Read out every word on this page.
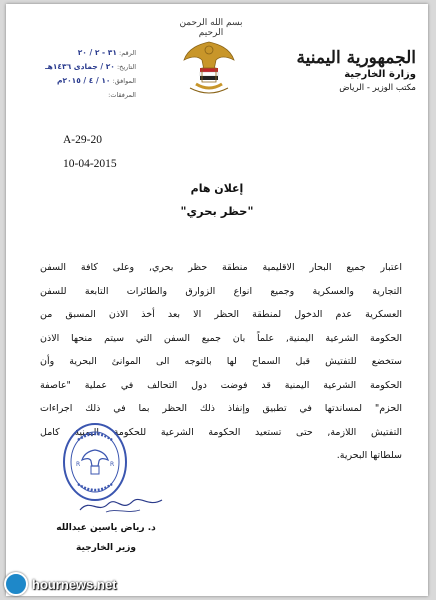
بسم الله الرحمن الرحيم
الجمهورية اليمنية
وزارة الخارجية
مكتب الوزير - الرياض
الرقم: ٣١ - ٢ / ٢٠
التاريخ: ٢٠ / جمادى ١٤٣٦هـ
الموافق: ١٠ / ٤ / ٢٠١٥م
المرفقات:
A-29-20
10-04-2015
إعلان هام
"حظر بحري"
اعتبار جميع البحار الاقليمية منطقة حظر بحري, وعلى كافة السفن
التجارية والعسكرية وجميع انواع الزوارق والطائرات التابعة للسفن
العسكرية عدم الدخول لمنطقة الحظر الا بعد أخذ الاذن المسبق من
الحكومة الشرعية اليمنية, علماً بان جميع السفن التي سيتم منحها الاذن
ستخضع للتفتيش قبل السماح لها بالتوجه الى الموانئ البحرية وأن
الحكومة الشرعية اليمنية قد فوضت دول التحالف في عملية "عاصفة
الحزم" لمساندتها في تطبيق وإنفاذ ذلك الحظر بما في ذلك اجراءات
التفتيش اللازمة, حتى تستعيد الحكومة الشرعية للحكومة اليمنية كامل
سلطاتها البحرية.
R	R
د. رياض ياسين عبدالله
وزير الخارجية
hournews.net
